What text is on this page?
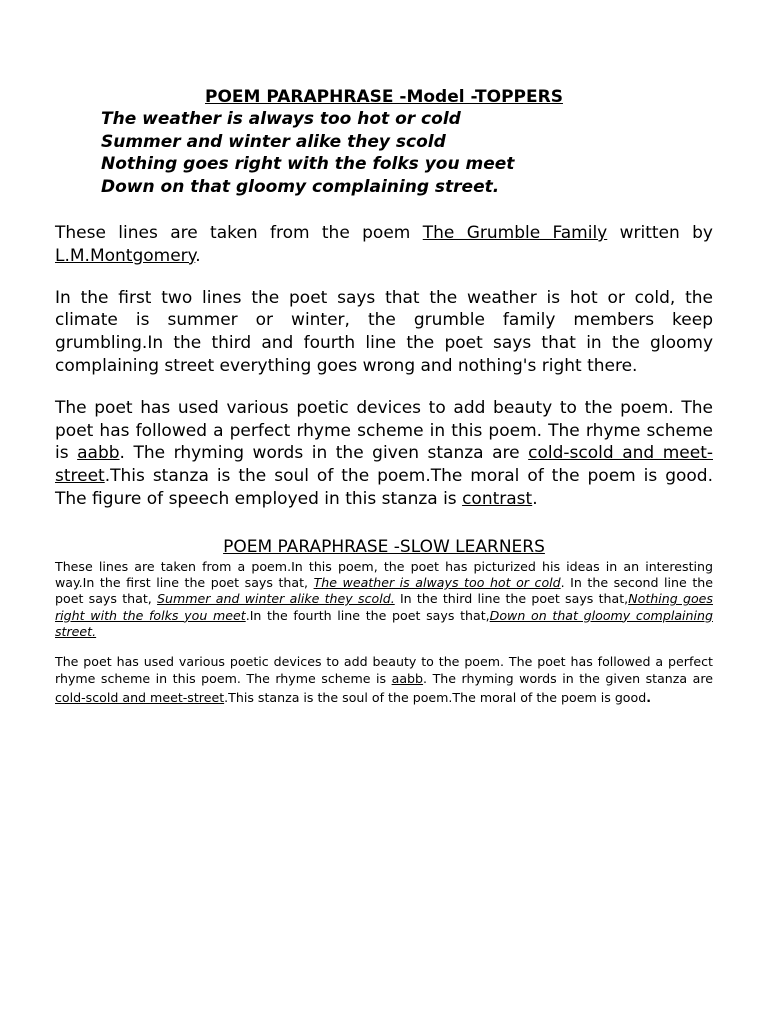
POEM PARAPHRASE -Model -TOPPERS
The weather is always too hot or cold
Summer and winter alike they scold
Nothing goes right with the folks you meet
Down on that gloomy complaining street.

These lines are taken from the poem The Grumble Family written by L.M.Montgomery.

In the first two lines the poet says that the weather is hot or cold, the climate is summer or winter, the grumble family members keep grumbling.In the third and fourth line the poet says that in the gloomy complaining street everything goes wrong and nothing's right there.

The poet has used various poetic devices to add beauty to the poem. The poet has followed a perfect rhyme scheme in this poem. The rhyme scheme is aabb. The rhyming words in the given stanza are cold-scold and meet-street.This stanza is the soul of the poem.The moral of the poem is good. The figure of speech employed in this stanza is contrast.

POEM PARAPHRASE -SLOW LEARNERS

These lines are taken from a poem.In this poem, the poet has picturized his ideas in an interesting way.In the first line the poet says that, The weather is always too hot or cold. In the second line the poet says that, Summer and winter alike they scold. In the third line the poet says that,Nothing goes right with the folks you meet.In the fourth line the poet says that,Down on that gloomy complaining street.

The poet has used various poetic devices to add beauty to the poem. The poet has followed a perfect rhyme scheme in this poem. The rhyme scheme is aabb. The rhyming words in the given stanza are cold-scold and meet-street.This stanza is the soul of the poem.The moral of the poem is good.
